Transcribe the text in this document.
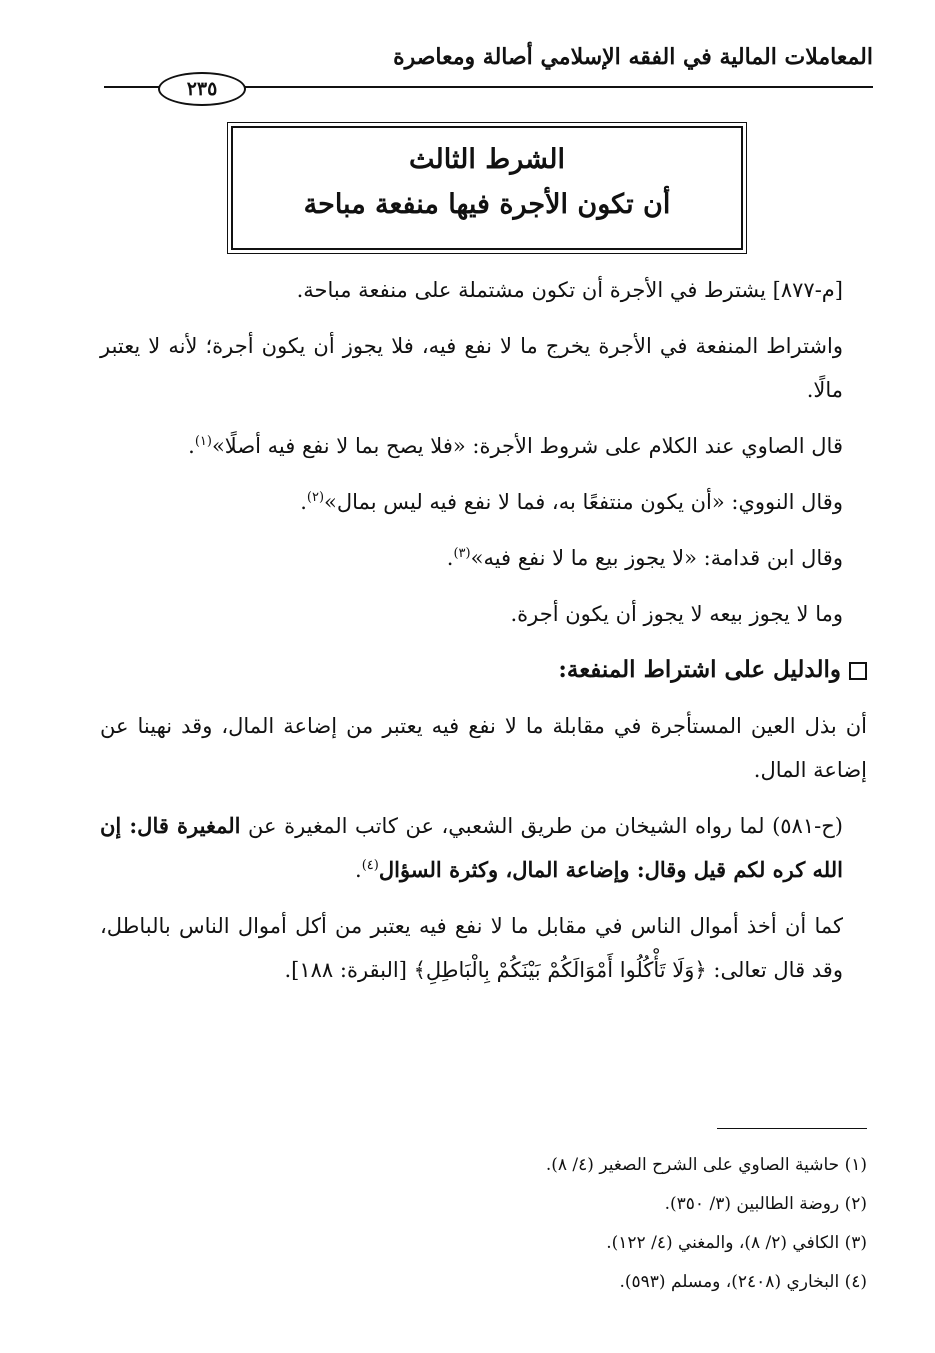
المعاملات المالية في الفقه الإسلامي أصالة ومعاصرة
٢٣٥
الشرط الثالث
أن تكون الأجرة فيها منفعة مباحة

[م-٨٧٧] يشترط في الأجرة أن تكون مشتملة على منفعة مباحة.

واشتراط المنفعة في الأجرة يخرج ما لا نفع فيه، فلا يجوز أن يكون أجرة؛ لأنه لا يعتبر مالًا.

قال الصاوي عند الكلام على شروط الأجرة: «فلا يصح بما لا نفع فيه أصلًا»$^{(١)}$.

وقال النووي: «أن يكون منتفعًا به، فما لا نفع فيه ليس بمال»$^{(٢)}$.

وقال ابن قدامة: «لا يجوز بيع ما لا نفع فيه»$^{(٣)}$.

وما لا يجوز بيعه لا يجوز أن يكون أجرة.

والدليل على اشتراط المنفعة:

أن بذل العين المستأجرة في مقابلة ما لا نفع فيه يعتبر من إضاعة المال، وقد نهينا عن إضاعة المال.

(ح-٥٨١) لما رواه الشيخان من طريق الشعبي، عن كاتب المغيرة عن المغيرة قال: إن الله كره لكم قيل وقال: وإضاعة المال، وكثرة السؤال$^{(٤)}$.

كما أن أخذ أموال الناس في مقابل ما لا نفع فيه يعتبر من أكل أموال الناس بالباطل، وقد قال تعالى: ﴿وَلَا تَأْكُلُوا أَمْوَالَكُمْ بَيْنَكُمْ بِالْبَاطِلِ﴾ [البقرة: ١٨٨].

(١) حاشية الصاوي على الشرح الصغير (٤/ ٨).
(٢) روضة الطالبين (٣/ ٣٥٠).
(٣) الكافي (٢/ ٨)، والمغني (٤/ ١٢٢).
(٤) البخاري (٢٤٠٨)، ومسلم (٥٩٣).
